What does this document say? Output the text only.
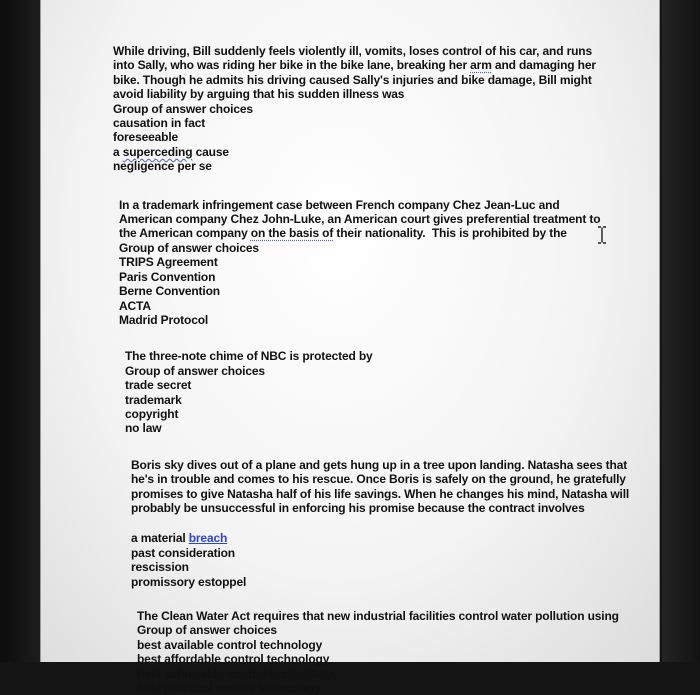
While driving, Bill suddenly feels violently ill, vomits, loses control of his car, and runs
into Sally, who was riding her bike in the bike lane, breaking her arm and damaging her
bike. Though he admits his driving caused Sally's injuries and bike damage, Bill might
avoid liability by arguing that his sudden illness was

Group of answer choices
causation in fact
foreseeable
a superceding cause
negligence per se

In a trademark infringement case between French company Chez Jean-Luc and
American company Chez John-Luke, an American court gives preferential treatment to
the American company on the basis of their nationality.  This is prohibited by the

Group of answer choices
TRIPS Agreement
Paris Convention
Berne Convention
ACTA
Madrid Protocol

The three-note chime of NBC is protected by

Group of answer choices
trade secret
trademark
copyright
no law

Boris sky dives out of a plane and gets hung up in a tree upon landing. Natasha sees that
he's in trouble and comes to his rescue. Once Boris is safely on the ground, he gratefully
promises to give Natasha half of his life savings. When he changes his mind, Natasha will
probably be unsuccessful in enforcing his promise because the contract involves

a material breach
past consideration
rescission
promissory estoppel

The Clean Water Act requires that new industrial facilities control water pollution using

Group of answer choices
best available control technology
best affordable control technology
best achievable control technology
best practical control technology
